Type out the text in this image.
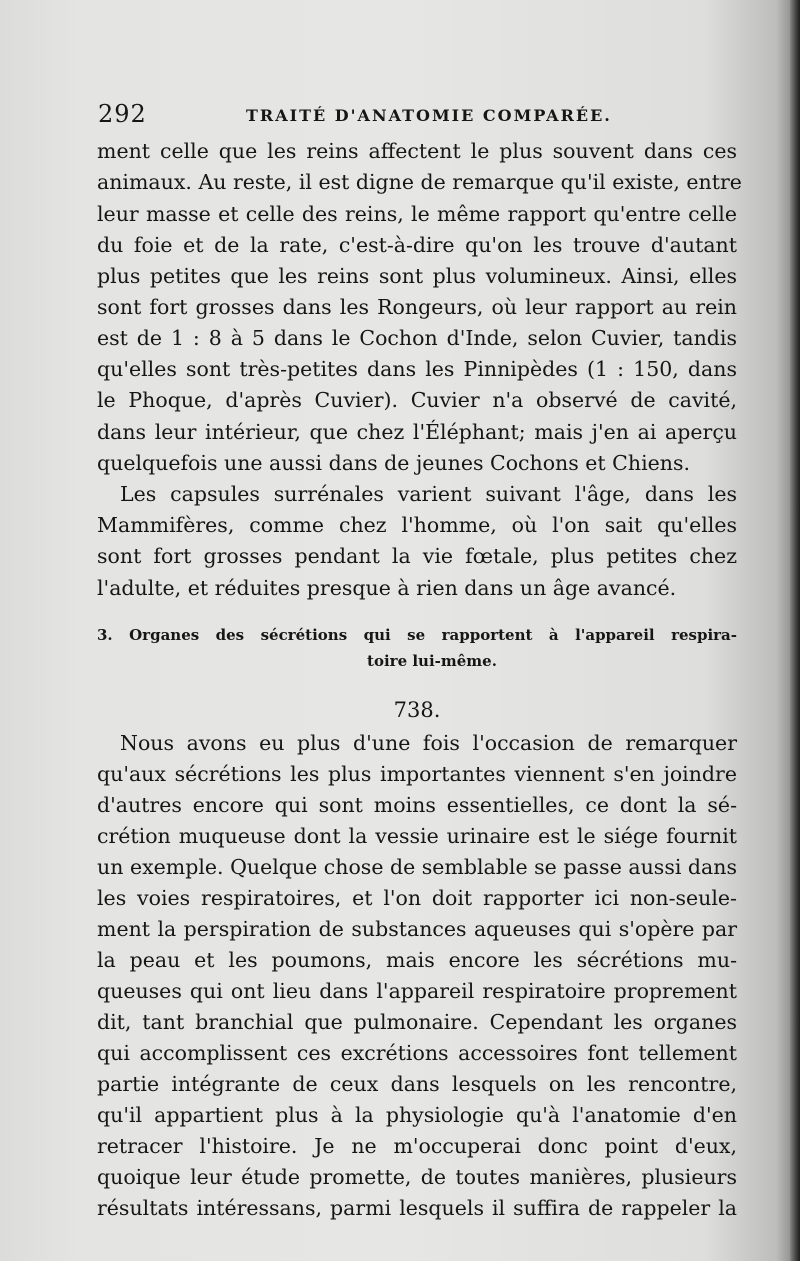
292	TRAITÉ D'ANATOMIE COMPARÉE.
ment celle que les reins affectent le plus souvent dans ces
animaux. Au reste, il est digne de remarque qu'il existe, entre
leur masse et celle des reins, le même rapport qu'entre celle
du foie et de la rate, c'est-à-dire qu'on les trouve d'autant
plus petites que les reins sont plus volumineux. Ainsi, elles
sont fort grosses dans les Rongeurs, où leur rapport au rein
est de 1 : 8 à 5 dans le Cochon d'Inde, selon Cuvier, tandis
qu'elles sont très-petites dans les Pinnipèdes (1 : 150, dans
le Phoque, d'après Cuvier). Cuvier n'a observé de cavité,
dans leur intérieur, que chez l'Éléphant; mais j'en ai aperçu
quelquefois une aussi dans de jeunes Cochons et Chiens.
Les capsules surrénales varient suivant l'âge, dans les
Mammifères, comme chez l'homme, où l'on sait qu'elles
sont fort grosses pendant la vie fœtale, plus petites chez
l'adulte, et réduites presque à rien dans un âge avancé.
3. Organes des sécrétions qui se rapportent à l'appareil respira-
toire lui-même.
738.
Nous avons eu plus d'une fois l'occasion de remarquer
qu'aux sécrétions les plus importantes viennent s'en joindre
d'autres encore qui sont moins essentielles, ce dont la sé-
crétion muqueuse dont la vessie urinaire est le siége fournit
un exemple. Quelque chose de semblable se passe aussi dans
les voies respiratoires, et l'on doit rapporter ici non-seule-
ment la perspiration de substances aqueuses qui s'opère par
la peau et les poumons, mais encore les sécrétions mu-
queuses qui ont lieu dans l'appareil respiratoire proprement
dit, tant branchial que pulmonaire. Cependant les organes
qui accomplissent ces excrétions accessoires font tellement
partie intégrante de ceux dans lesquels on les rencontre,
qu'il appartient plus à la physiologie qu'à l'anatomie d'en
retracer l'histoire. Je ne m'occuperai donc point d'eux,
quoique leur étude promette, de toutes manières, plusieurs
résultats intéressans, parmi lesquels il suffira de rappeler la
